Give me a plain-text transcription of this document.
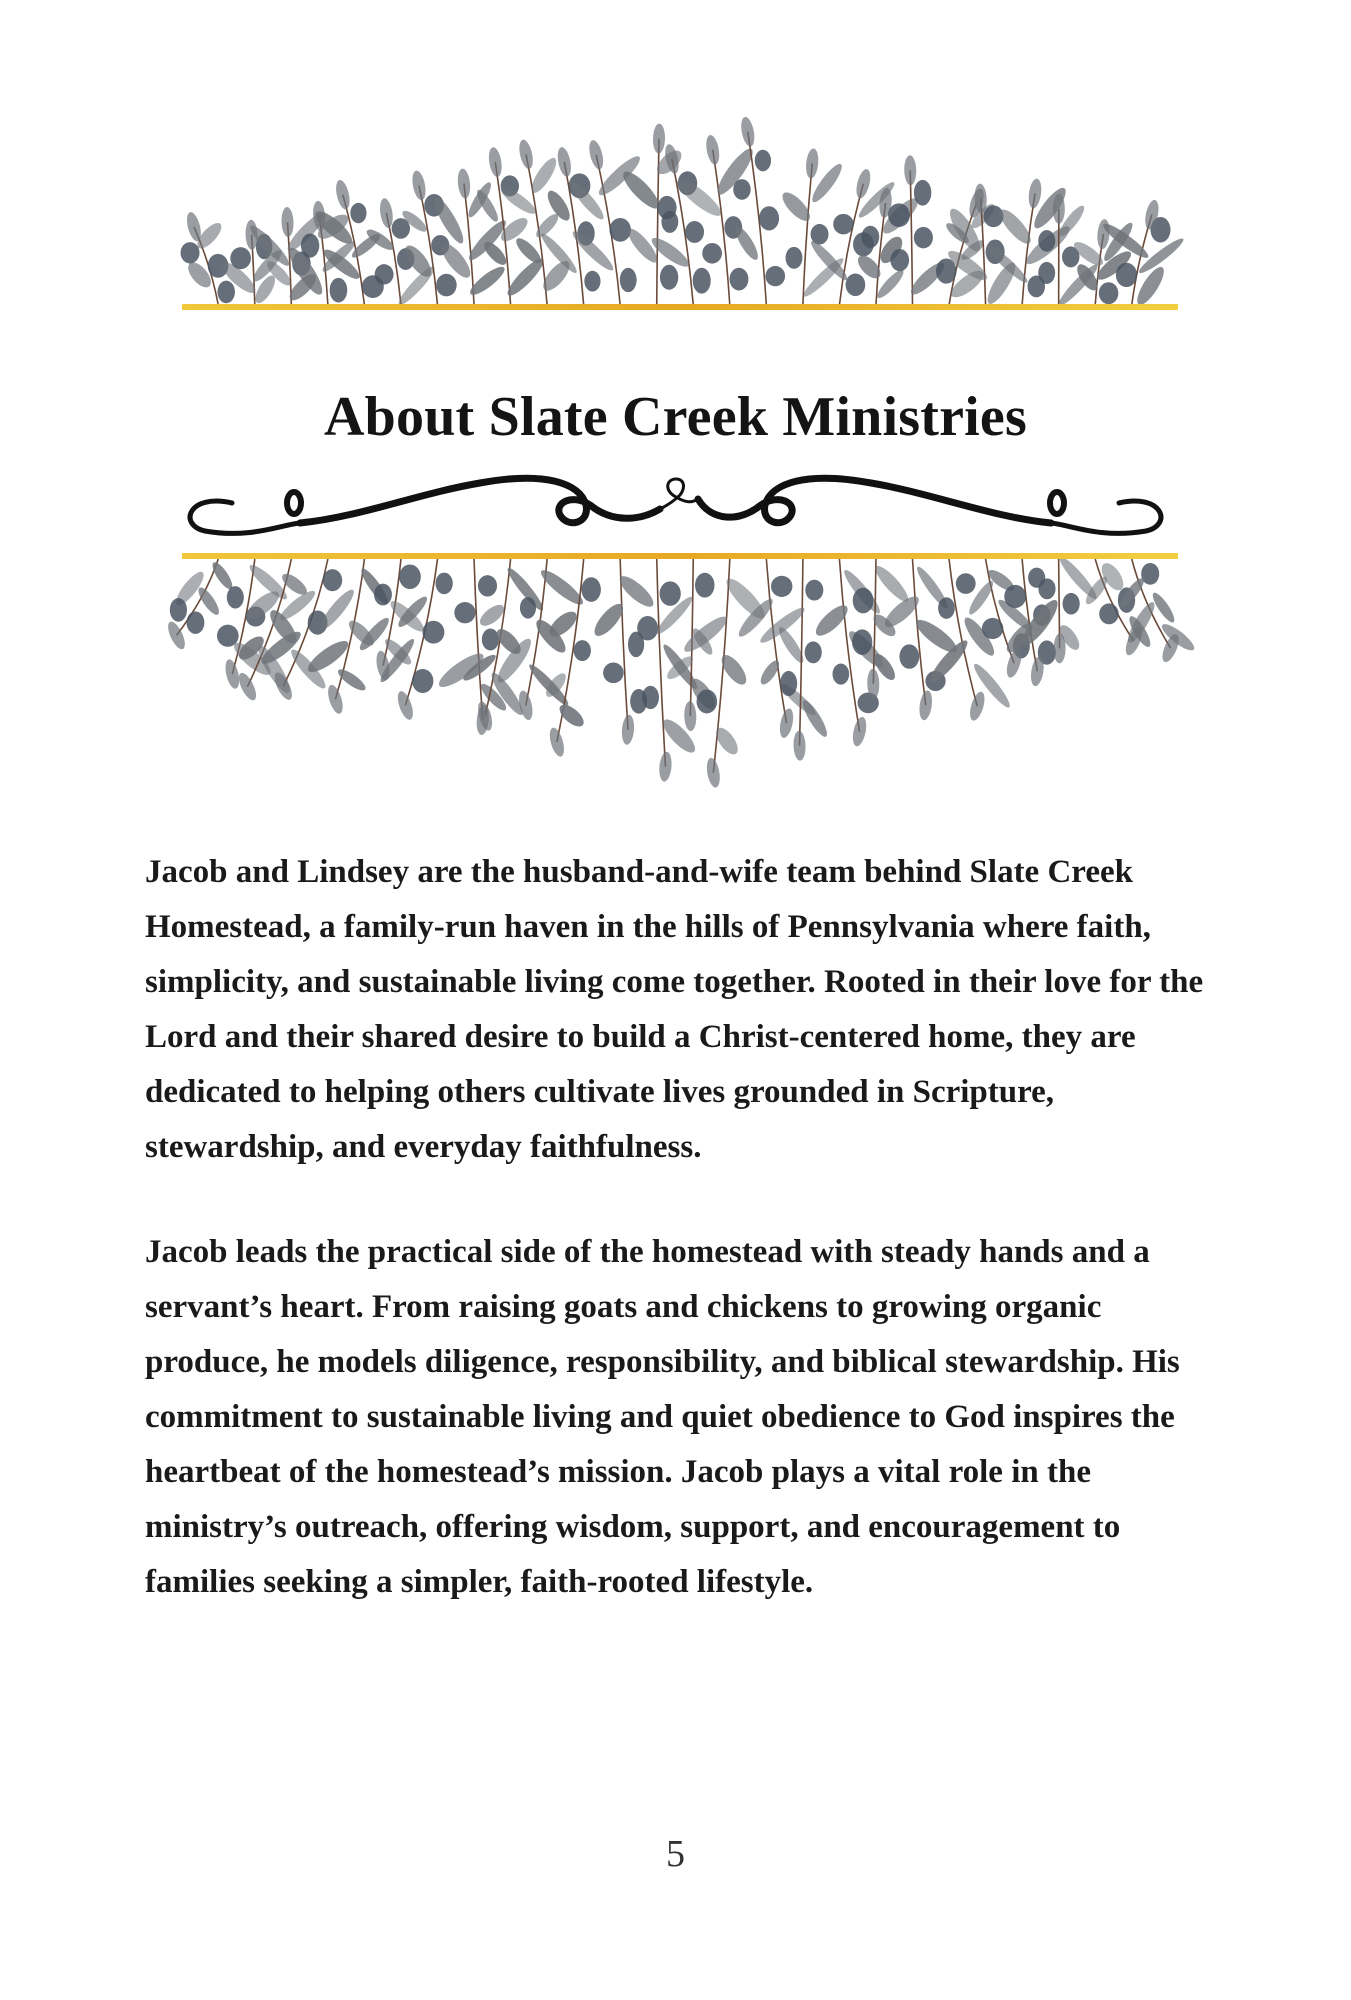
About Slate Creek Ministries

Jacob and Lindsey are the husband-and-wife team behind Slate Creek Homestead, a family-run haven in the hills of Pennsylvania where faith, simplicity, and sustainable living come together. Rooted in their love for the Lord and their shared desire to build a Christ-centered home, they are dedicated to helping others cultivate lives grounded in Scripture, stewardship, and everyday faithfulness.

Jacob leads the practical side of the homestead with steady hands and a servant’s heart. From raising goats and chickens to growing organic produce, he models diligence, responsibility, and biblical stewardship. His commitment to sustainable living and quiet obedience to God inspires the heartbeat of the homestead’s mission. Jacob plays a vital role in the ministry’s outreach, offering wisdom, support, and encouragement to families seeking a simpler, faith-rooted lifestyle.

5
